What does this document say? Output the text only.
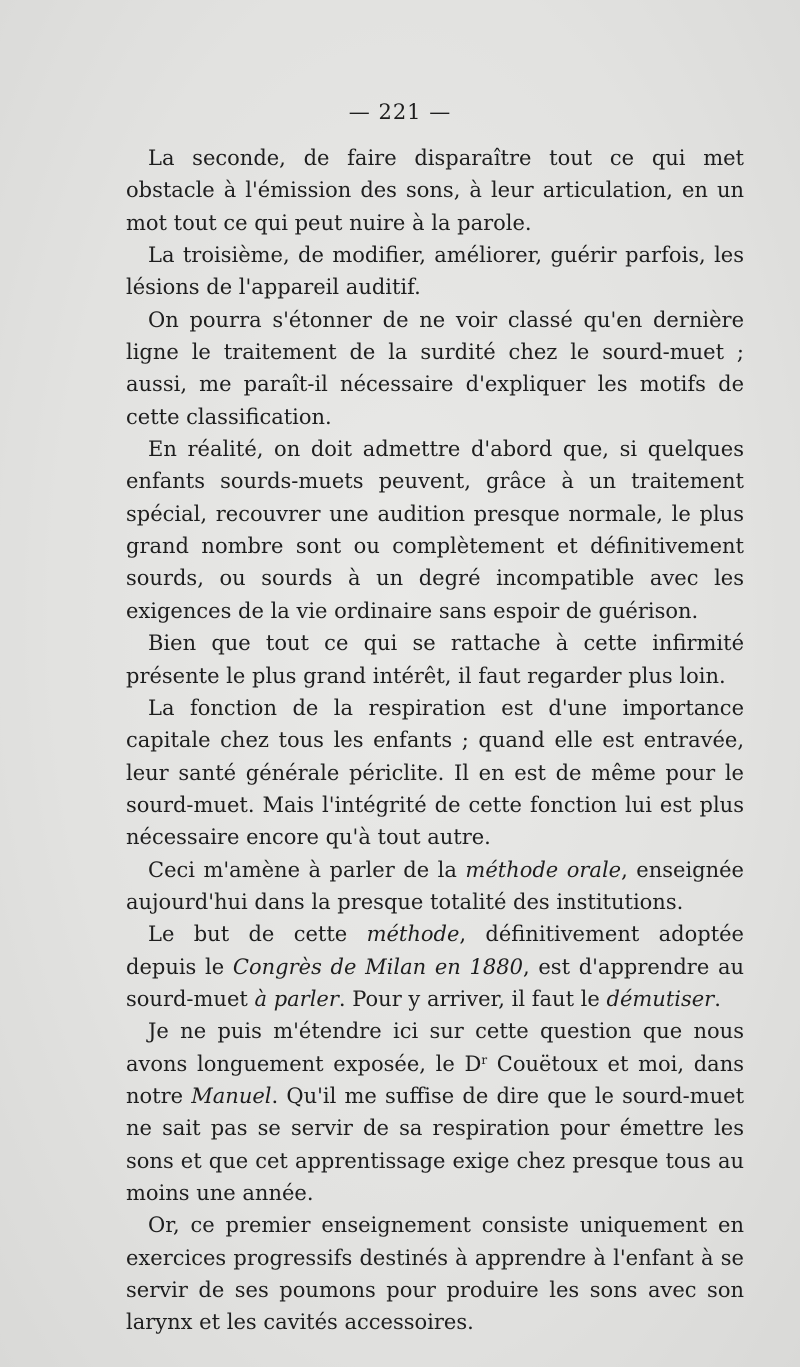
— 221 —

La seconde, de faire disparaître tout ce qui met obstacle à l'émission des sons, à leur articulation, en un mot tout ce qui peut nuire à la parole.

La troisième, de modifier, améliorer, guérir parfois, les lésions de l'appareil auditif.

On pourra s'étonner de ne voir classé qu'en dernière ligne le traitement de la surdité chez le sourd-muet ; aussi, me paraît-il nécessaire d'expliquer les motifs de cette classification.

En réalité, on doit admettre d'abord que, si quelques enfants sourds-muets peuvent, grâce à un traitement spécial, recouvrer une audition presque normale, le plus grand nombre sont ou complètement et définitivement sourds, ou sourds à un degré incompatible avec les exigences de la vie ordinaire sans espoir de guérison.

Bien que tout ce qui se rattache à cette infirmité présente le plus grand intérêt, il faut regarder plus loin.

La fonction de la respiration est d'une importance capitale chez tous les enfants ; quand elle est entravée, leur santé générale périclite. Il en est de même pour le sourd-muet. Mais l'intégrité de cette fonction lui est plus nécessaire encore qu'à tout autre.

Ceci m'amène à parler de la méthode orale, enseignée aujourd'hui dans la presque totalité des institutions.

Le but de cette méthode, définitivement adoptée depuis le Congrès de Milan en 1880, est d'apprendre au sourd-muet à parler. Pour y arriver, il faut le démutiser.

Je ne puis m'étendre ici sur cette question que nous avons longuement exposée, le $D^r$ Couëtoux et moi, dans notre Manuel. Qu'il me suffise de dire que le sourd-muet ne sait pas se servir de sa respiration pour émettre les sons et que cet apprentissage exige chez presque tous au moins une année.

Or, ce premier enseignement consiste uniquement en exercices progressifs destinés à apprendre à l'enfant à se servir de ses poumons pour produire les sons avec son larynx et les cavités accessoires.
